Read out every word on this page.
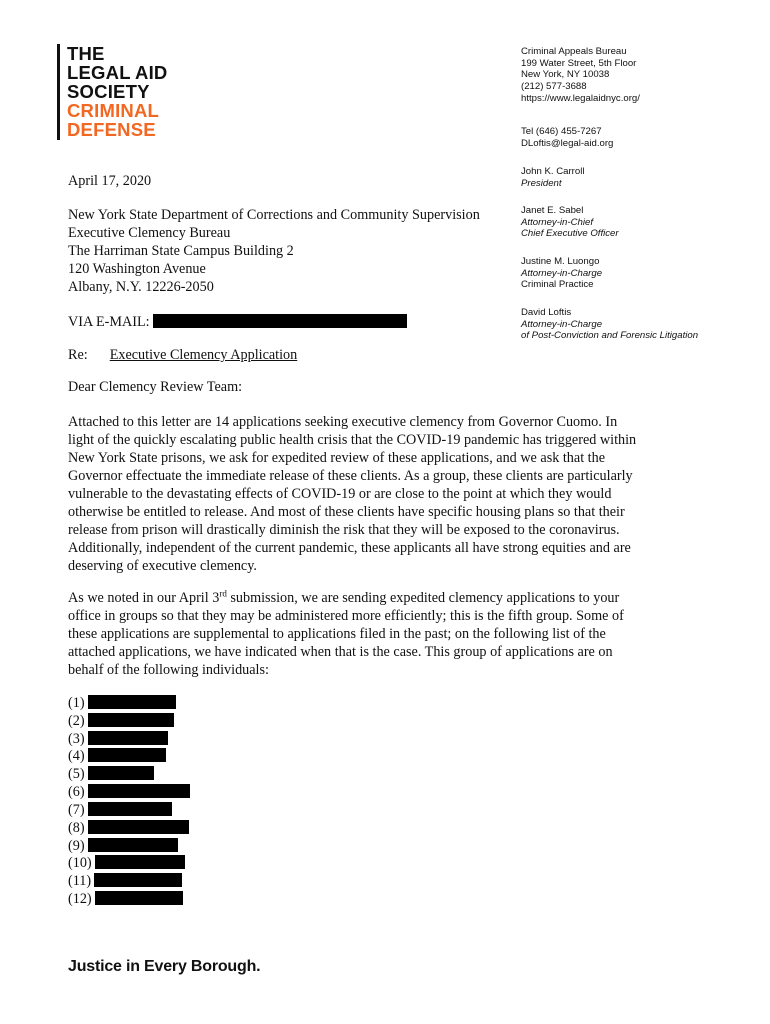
THE
LEGAL AID
SOCIETY
CRIMINAL
DEFENSE
Criminal Appeals Bureau
199 Water Street, 5th Floor
New York, NY 10038
(212) 577-3688
https://www.legalaidnyc.org/
Tel (646) 455-7267
DLoftis@legal-aid.org
John K. Carroll
President
Janet E. Sabel
Attorney-in-Chief
Chief Executive Officer
Justine M. Luongo
Attorney-in-Charge
Criminal Practice
David Loftis
Attorney-in-Charge
of Post-Conviction and Forensic Litigation
April 17, 2020
New York State Department of Corrections and Community Supervision
Executive Clemency Bureau
The Harriman State Campus Building 2
120 Washington Avenue
Albany, N.Y. 12226-2050
VIA E-MAIL:
Re: Executive Clemency Application
Dear Clemency Review Team:
Attached to this letter are 14 applications seeking executive clemency from Governor Cuomo. In
light of the quickly escalating public health crisis that the COVID-19 pandemic has triggered within
New York State prisons, we ask for expedited review of these applications, and we ask that the
Governor effectuate the immediate release of these clients. As a group, these clients are particularly
vulnerable to the devastating effects of COVID-19 or are close to the point at which they would
otherwise be entitled to release. And most of these clients have specific housing plans so that their
release from prison will drastically diminish the risk that they will be exposed to the coronavirus.
Additionally, independent of the current pandemic, these applicants all have strong equities and are
deserving of executive clemency.
As we noted in our April 3rd submission, we are sending expedited clemency applications to your
office in groups so that they may be administered more efficiently; this is the fifth group. Some of
these applications are supplemental to applications filed in the past; on the following list of the
attached applications, we have indicated when that is the case. This group of applications are on
behalf of the following individuals:
(1)
(2)
(3)
(4)
(5)
(6)
(7)
(8)
(9)
(10)
(11)
(12)
Justice in Every Borough.
